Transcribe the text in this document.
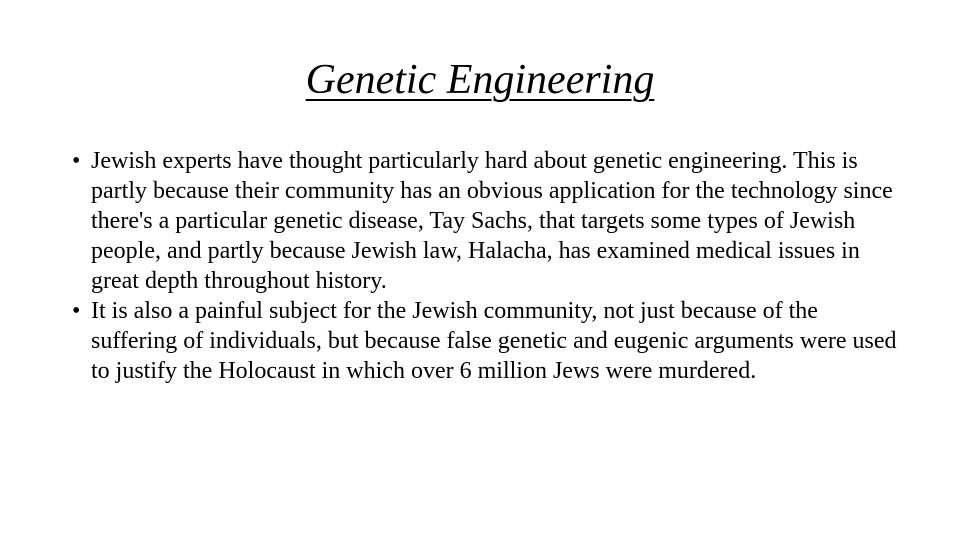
Genetic Engineering
• Jewish experts have thought particularly hard about genetic engineering. This is partly because their community has an obvious application for the technology since there's a particular genetic disease, Tay Sachs, that targets some types of Jewish people, and partly because Jewish law, Halacha, has examined medical issues in great depth throughout history.
• It is also a painful subject for the Jewish community, not just because of the suffering of individuals, but because false genetic and eugenic arguments were used to justify the Holocaust in which over 6 million Jews were murdered.
